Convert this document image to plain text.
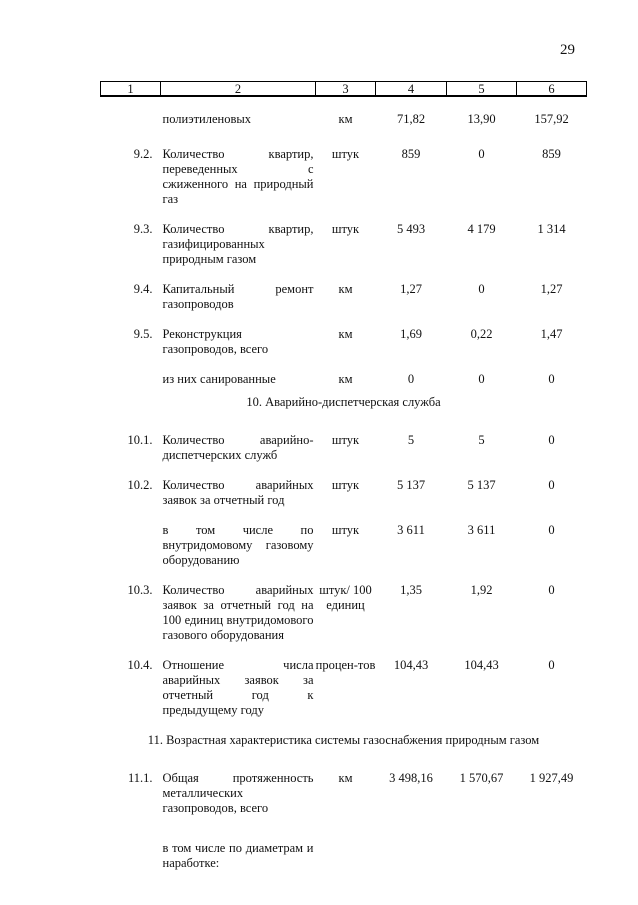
29
1	2	3	4	5	6
	полиэтиленовых	км	71,82	13,90	157,92
9.2.	Количество квартир, переведенных с сжиженного на природный газ	штук	859	0	859
9.3.	Количество квартир, газифицированных природным газом	штук	5 493	4 179	1 314
9.4.	Капитальный ремонт газопроводов	км	1,27	0	1,27
9.5.	Реконструкция газопроводов, всего	км	1,69	0,22	1,47
	из них санированные	км	0	0	0
10. Аварийно-диспетчерская служба					
10.1.	Количество аварийно-диспетчерских служб	штук	5	5	0
10.2.	Количество аварийных заявок за отчетный год	штук	5 137	5 137	0
	в том числе по внутридомовому газовому оборудованию	штук	3 611	3 611	0
10.3.	Количество аварийных заявок за отчетный год на 100 единиц внутридомового газового оборудования	штук/ 100 единиц	1,35	1,92	0
10.4.	Отношение числа аварийных заявок за отчетный год к предыдущему году	процен-тов	104,43	104,43	0
11. Возрастная характеристика системы газоснабжения природным газом					
11.1.	Общая протяженность металлических газопроводов, всего	км	3 498,16	1 570,67	1 927,49
	в том числе по диаметрам и наработке:				
